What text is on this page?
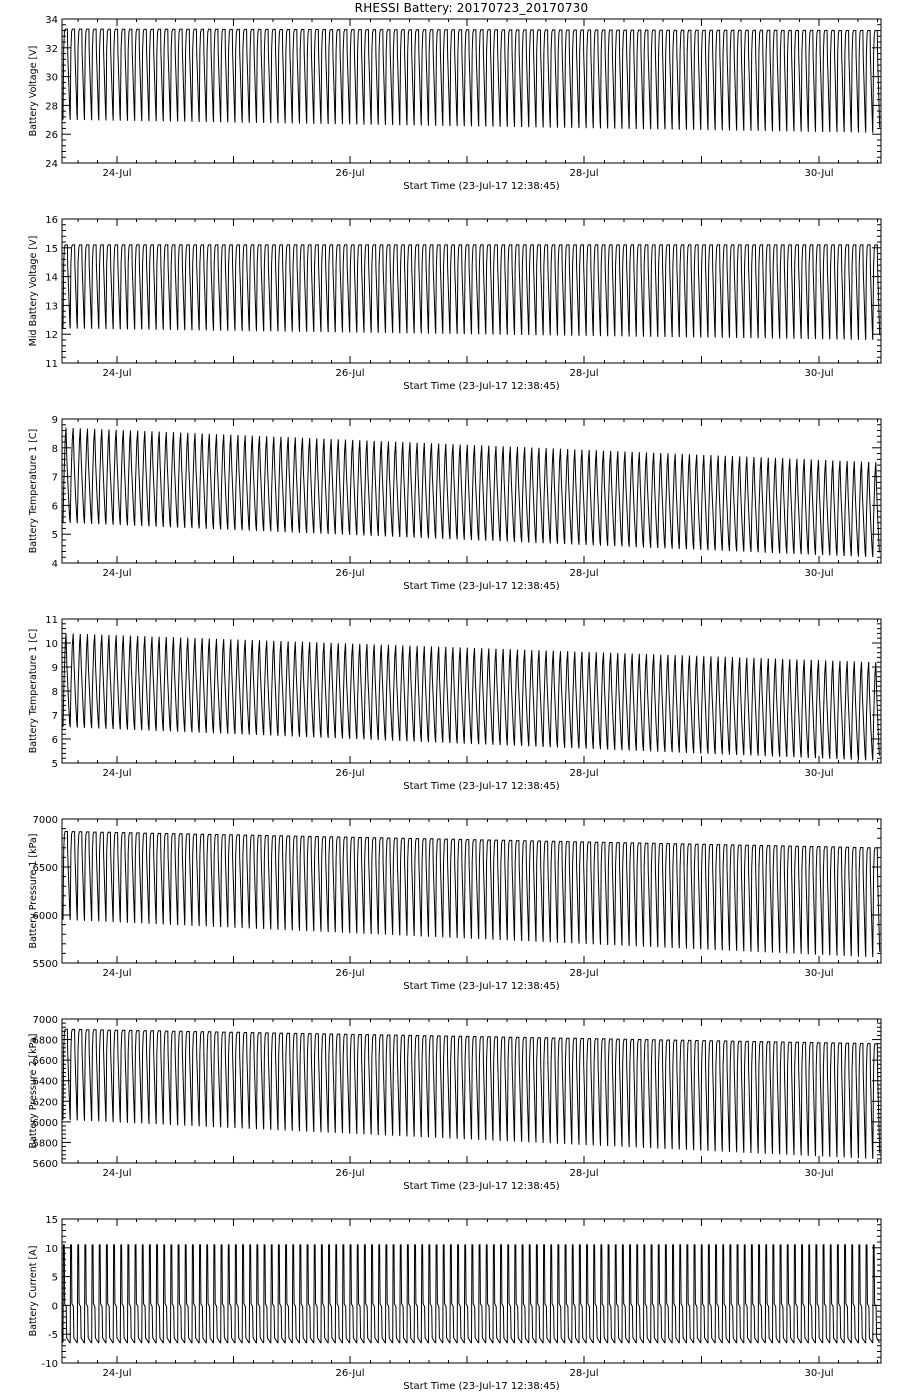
RHESSI Battery: 20170723_20170730
24-Jul	26-Jul	28-Jul	30-Jul
Start Time (23-Jul-17 12:38:45)
24
26
28
30
32
34
Battery Voltage [V]
24-Jul	26-Jul	28-Jul	30-Jul
Start Time (23-Jul-17 12:38:45)
11
12
13
14
15
16
Mid Battery Voltage [V]
24-Jul	26-Jul	28-Jul	30-Jul
Start Time (23-Jul-17 12:38:45)
4
5
6
7
8
9
Battery Temperature 1 [C]
24-Jul	26-Jul	28-Jul	30-Jul
Start Time (23-Jul-17 12:38:45)
5
6
7
8
9
10
11
Battery Temperature 1 [C]
24-Jul	26-Jul	28-Jul	30-Jul
Start Time (23-Jul-17 12:38:45)
5500
6000
6500
7000
Battery Pressure 1 [kPa]
24-Jul	26-Jul	28-Jul	30-Jul
Start Time (23-Jul-17 12:38:45)
5600
5800
6000
6200
6400
6600
6800
7000
Battery Pressure 2 [kPa]
24-Jul	26-Jul	28-Jul	30-Jul
Start Time (23-Jul-17 12:38:45)
-10
-5
0
5
10
15
Battery Current [A]
